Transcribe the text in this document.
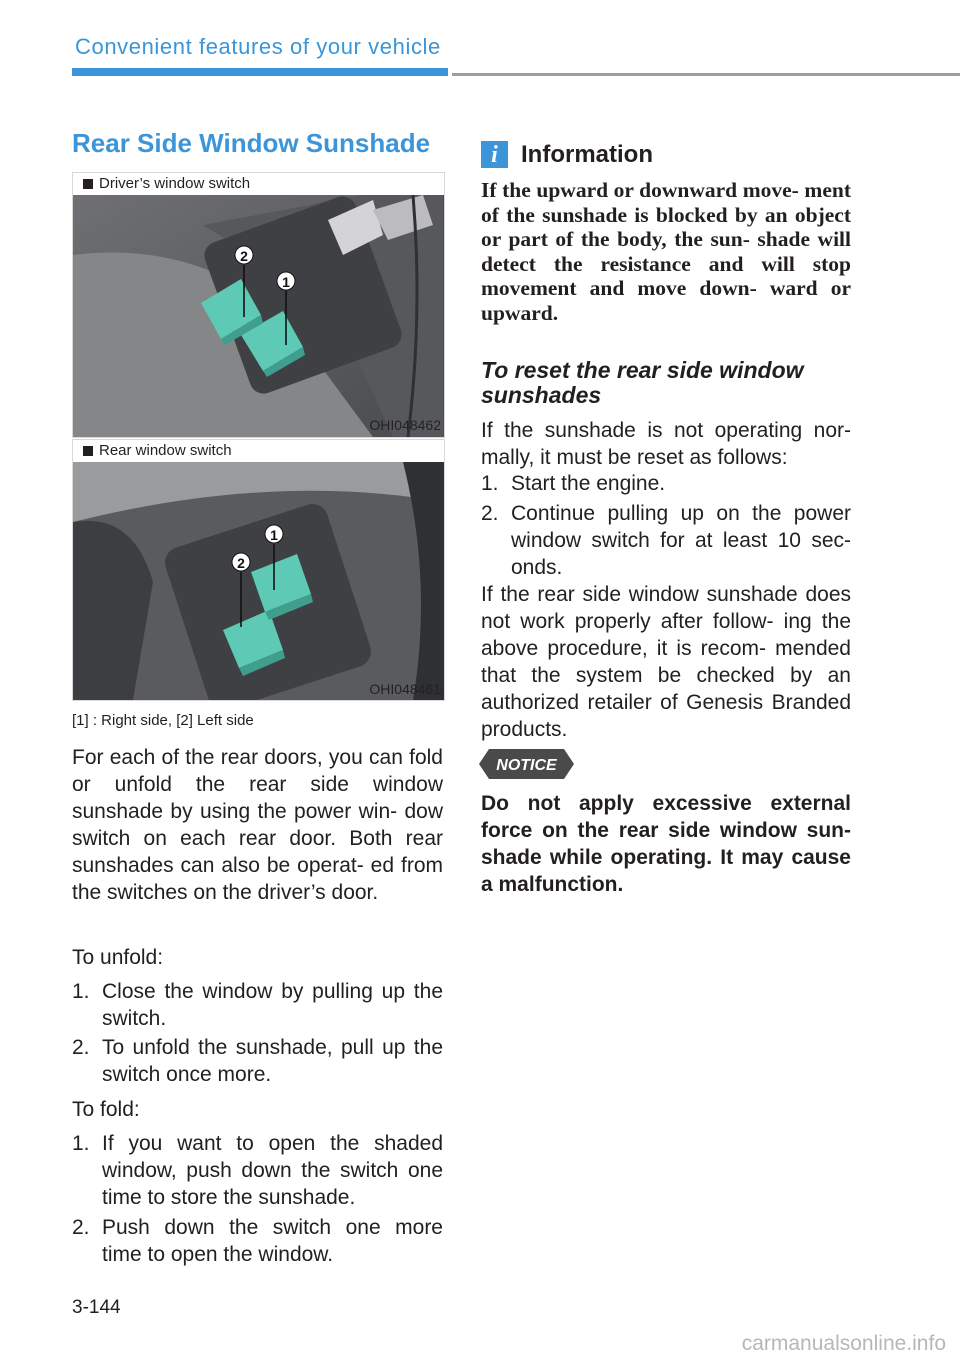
Convenient features of your vehicle
Rear Side Window Sunshade
Driver’s window switch
2
1
OHI048462
Rear window switch
2
1
OHI048461
[1] : Right side, [2] Left side
For each of the rear doors, you can fold or unfold the rear side window sunshade by using the power win- dow switch on each rear door. Both rear sunshades can also be operat- ed from the switches on the driver’s door.
To unfold:
1. Close the window by pulling up the switch.
2. To unfold the sunshade, pull up the switch once more.
To fold:
1. If you want to open the shaded window, push down the switch one time to store the sunshade.
2. Push down the switch one more time to open the window.
i Information
If the upward or downward move- ment of the sunshade is blocked by an object or part of the body, the sun- shade will detect the resistance and will stop movement and move down- ward or upward.
To reset the rear side window sunshades
If the sunshade is not operating nor- mally, it must be reset as follows:
1. Start the engine.
2. Continue pulling up on the power window switch for at least 10 sec- onds.
If the rear side window sunshade does not work properly after follow- ing the above procedure, it is recom- mended that the system be checked by an authorized retailer of Genesis Branded products.
NOTICE
Do not apply excessive external force on the rear side window sun- shade while operating. It may cause a malfunction.
3-144
carmanualsonline.info
